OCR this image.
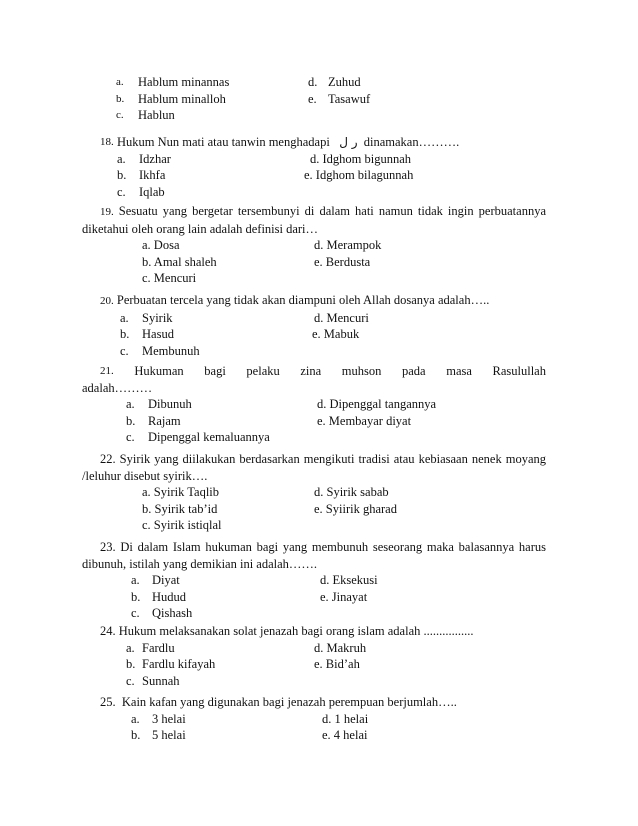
a. Hablum minannas	d. Zuhud
b. Hablum minalloh	e. Tasawuf
c. Hablun
18. Hukum Nun mati atau tanwin menghadapi ر ل dinamakan……….
a. Idzhar	d. Idghom bigunnah
b. Ikhfa	e. Idghom bilagunnah
c. Iqlab
19. Sesuatu yang bergetar tersembunyi di dalam hati namun tidak ingin perbuatannya diketahui oleh orang lain adalah definisi dari…
a. Dosa	d. Merampok
b. Amal shaleh	e. Berdusta
c. Mencuri
20. Perbuatan tercela yang tidak akan diampuni oleh Allah dosanya adalah…..
a. Syirik	d. Mencuri
b. Hasud	e. Mabuk
c. Membunuh
21. Hukuman bagi pelaku zina muhson pada masa Rasulullah
adalah………
a. Dibunuh	d. Dipenggal tangannya
b. Rajam	e. Membayar diyat
c. Dipenggal kemaluannya
22. Syirik yang diilakukan berdasarkan mengikuti tradisi atau kebiasaan nenek moyang /leluhur disebut syirik….
a. Syirik Taqlib	d. Syirik sabab
b. Syirik tab’id	e. Syiirik gharad
c. Syirik istiqlal
23. Di dalam Islam hukuman bagi yang membunuh seseorang maka balasannya harus dibunuh, istilah yang demikian ini adalah…….
a. Diyat	d. Eksekusi
b. Hudud	e. Jinayat
c. Qishash
24. Hukum melaksanakan solat jenazah bagi orang islam adalah ................
a. Fardlu	d. Makruh
b. Fardlu kifayah	e. Bid’ah
c. Sunnah
25. Kain kafan yang digunakan bagi jenazah perempuan berjumlah…..
a. 3 helai	d. 1 helai
b. 5 helai	e. 4 helai
